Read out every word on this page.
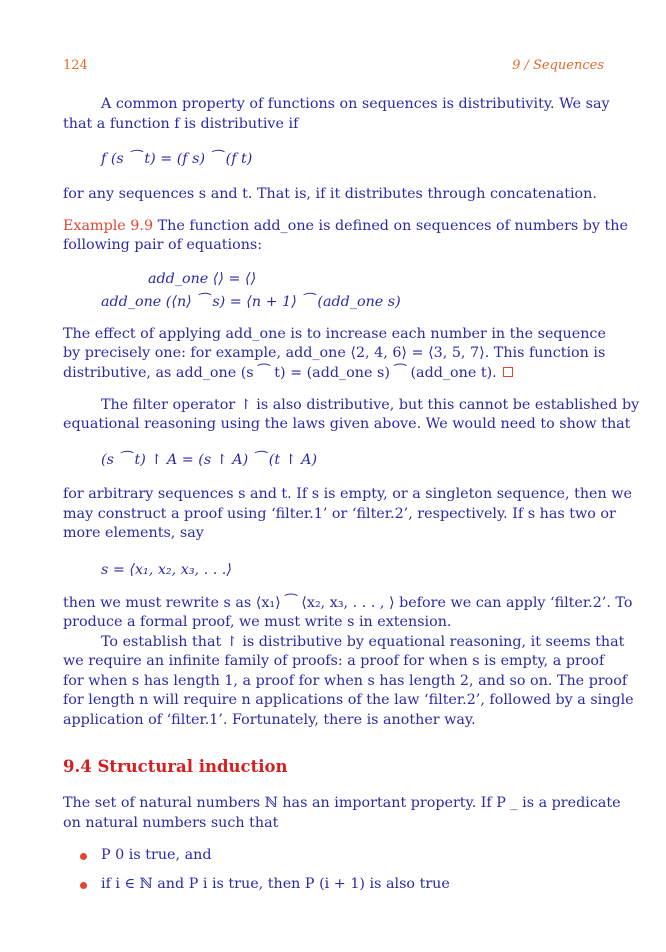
124	9 / Sequences
A common property of functions on sequences is distributivity. We say
that a function f is distributive if
f (s ⁀ t) = (f s) ⁀ (f t)
for any sequences s and t. That is, if it distributes through concatenation.
Example 9.9 The function add_one is defined on sequences of numbers by the
following pair of equations:
add_one ⟨⟩ = ⟨⟩
add_one (⟨n⟩ ⁀ s) = ⟨n + 1⟩ ⁀ (add_one s)
The effect of applying add_one is to increase each number in the sequence
by precisely one: for example, add_one ⟨2, 4, 6⟩ = ⟨3, 5, 7⟩. This function is
distributive, as add_one (s ⁀ t) = (add_one s) ⁀ (add_one t).
The filter operator ↾ is also distributive, but this cannot be established by
equational reasoning using the laws given above. We would need to show that
(s ⁀ t) ↾ A = (s ↾ A) ⁀ (t ↾ A)
for arbitrary sequences s and t. If s is empty, or a singleton sequence, then we
may construct a proof using ‘filter.1’ or ‘filter.2’, respectively. If s has two or
more elements, say
s = ⟨x₁, x₂, x₃, . . .⟩
then we must rewrite s as ⟨x₁⟩ ⁀ ⟨x₂, x₃, . . . , ⟩ before we can apply ‘filter.2’. To
produce a formal proof, we must write s in extension.
To establish that ↾ is distributive by equational reasoning, it seems that
we require an infinite family of proofs: a proof for when s is empty, a proof
for when s has length 1, a proof for when s has length 2, and so on. The proof
for length n will require n applications of the law ‘filter.2’, followed by a single
application of ‘filter.1’. Fortunately, there is another way.
9.4 Structural induction
The set of natural numbers ℕ has an important property. If P _ is a predicate
on natural numbers such that
P 0 is true, and
if i ∈ ℕ and P i is true, then P (i + 1) is also true
